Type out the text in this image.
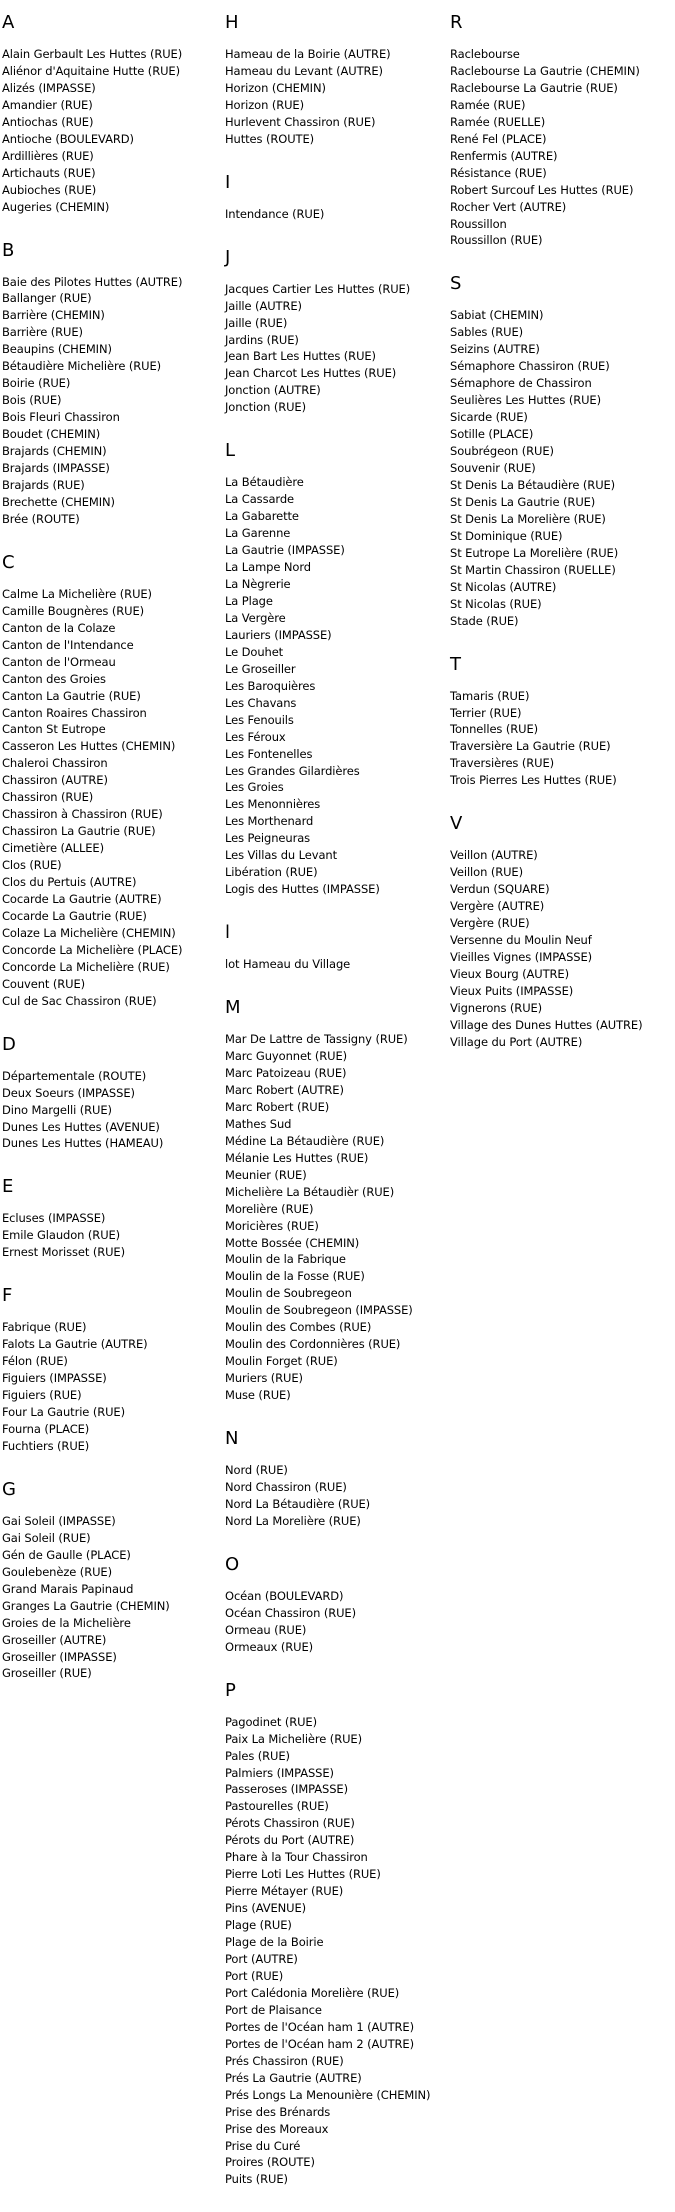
A
Alain Gerbault Les Huttes (RUE)
Aliénor d'Aquitaine Hutte (RUE)
Alizés (IMPASSE)
Amandier (RUE)
Antiochas (RUE)
Antioche (BOULEVARD)
Ardillières (RUE)
Artichauts (RUE)
Aubioches (RUE)
Augeries (CHEMIN)
B
Baie des Pilotes Huttes (AUTRE)
Ballanger (RUE)
Barrière (CHEMIN)
Barrière (RUE)
Beaupins (CHEMIN)
Bétaudière Michelière (RUE)
Boirie (RUE)
Bois (RUE)
Bois Fleuri Chassiron
Boudet (CHEMIN)
Brajards (CHEMIN)
Brajards (IMPASSE)
Brajards (RUE)
Brechette (CHEMIN)
Brée (ROUTE)
C
Calme La Michelière (RUE)
Camille Bougnères (RUE)
Canton de la Colaze
Canton de l'Intendance
Canton de l'Ormeau
Canton des Groies
Canton La Gautrie (RUE)
Canton Roaires Chassiron
Canton St Eutrope
Casseron Les Huttes (CHEMIN)
Chaleroi Chassiron
Chassiron (AUTRE)
Chassiron (RUE)
Chassiron à Chassiron (RUE)
Chassiron La Gautrie (RUE)
Cimetière (ALLEE)
Clos (RUE)
Clos du Pertuis (AUTRE)
Cocarde La Gautrie (AUTRE)
Cocarde La Gautrie (RUE)
Colaze La Michelière (CHEMIN)
Concorde La Michelière (PLACE)
Concorde La Michelière (RUE)
Couvent (RUE)
Cul de Sac Chassiron (RUE)
D
Départementale (ROUTE)
Deux Soeurs (IMPASSE)
Dino Margelli (RUE)
Dunes Les Huttes (AVENUE)
Dunes Les Huttes (HAMEAU)
E
Ecluses (IMPASSE)
Emile Glaudon (RUE)
Ernest Morisset (RUE)
F
Fabrique (RUE)
Falots La Gautrie (AUTRE)
Félon (RUE)
Figuiers (IMPASSE)
Figuiers (RUE)
Four La Gautrie (RUE)
Fourna (PLACE)
Fuchtiers (RUE)
G
Gai Soleil (IMPASSE)
Gai Soleil (RUE)
Gén de Gaulle (PLACE)
Goulebenèze (RUE)
Grand Marais Papinaud
Granges La Gautrie (CHEMIN)
Groies de la Michelière
Groseiller (AUTRE)
Groseiller (IMPASSE)
Groseiller (RUE)
H
Hameau de la Boirie (AUTRE)
Hameau du Levant (AUTRE)
Horizon (CHEMIN)
Horizon (RUE)
Hurlevent Chassiron (RUE)
Huttes (ROUTE)
I
Intendance (RUE)
J
Jacques Cartier Les Huttes (RUE)
Jaille (AUTRE)
Jaille (RUE)
Jardins (RUE)
Jean Bart Les Huttes (RUE)
Jean Charcot Les Huttes (RUE)
Jonction (AUTRE)
Jonction (RUE)
L
La Bétaudière
La Cassarde
La Gabarette
La Garenne
La Gautrie (IMPASSE)
La Lampe Nord
La Nègrerie
La Plage
La Vergère
Lauriers (IMPASSE)
Le Douhet
Le Groseiller
Les Baroquières
Les Chavans
Les Fenouils
Les Féroux
Les Fontenelles
Les Grandes Gilardières
Les Groies
Les Menonnières
Les Morthenard
Les Peigneuras
Les Villas du Levant
Libération (RUE)
Logis des Huttes (IMPASSE)
l
lot Hameau du Village
M
Mar De Lattre de Tassigny (RUE)
Marc Guyonnet (RUE)
Marc Patoizeau (RUE)
Marc Robert (AUTRE)
Marc Robert (RUE)
Mathes Sud
Médine La Bétaudière (RUE)
Mélanie Les Huttes (RUE)
Meunier (RUE)
Michelière La Bétaudièr (RUE)
Morelière (RUE)
Moricières (RUE)
Motte Bossée (CHEMIN)
Moulin de la Fabrique
Moulin de la Fosse (RUE)
Moulin de Soubregeon
Moulin de Soubregeon (IMPASSE)
Moulin des Combes (RUE)
Moulin des Cordonnières (RUE)
Moulin Forget (RUE)
Muriers (RUE)
Muse (RUE)
N
Nord (RUE)
Nord Chassiron (RUE)
Nord La Bétaudière (RUE)
Nord La Morelière (RUE)
O
Océan (BOULEVARD)
Océan Chassiron (RUE)
Ormeau (RUE)
Ormeaux (RUE)
P
Pagodinet (RUE)
Paix La Michelière (RUE)
Pales (RUE)
Palmiers (IMPASSE)
Passeroses (IMPASSE)
Pastourelles (RUE)
Pérots Chassiron (RUE)
Pérots du Port (AUTRE)
Phare à la Tour Chassiron
Pierre Loti Les Huttes (RUE)
Pierre Métayer (RUE)
Pins (AVENUE)
Plage (RUE)
Plage de la Boirie
Port (AUTRE)
Port (RUE)
Port Calédonia Morelière (RUE)
Port de Plaisance
Portes de l'Océan ham 1 (AUTRE)
Portes de l'Océan ham 2 (AUTRE)
Prés Chassiron (RUE)
Prés La Gautrie (AUTRE)
Prés Longs La Menounière (CHEMIN)
Prise des Brénards
Prise des Moreaux
Prise du Curé
Proires (ROUTE)
Puits (RUE)
R
Raclebourse
Raclebourse La Gautrie (CHEMIN)
Raclebourse La Gautrie (RUE)
Ramée (RUE)
Ramée (RUELLE)
René Fel (PLACE)
Renfermis (AUTRE)
Résistance (RUE)
Robert Surcouf Les Huttes (RUE)
Rocher Vert (AUTRE)
Roussillon
Roussillon (RUE)
S
Sabiat (CHEMIN)
Sables (RUE)
Seizins (AUTRE)
Sémaphore Chassiron (RUE)
Sémaphore de Chassiron
Seulières Les Huttes (RUE)
Sicarde (RUE)
Sotille (PLACE)
Soubrégeon (RUE)
Souvenir (RUE)
St Denis La Bétaudière (RUE)
St Denis La Gautrie (RUE)
St Denis La Morelière (RUE)
St Dominique (RUE)
St Eutrope La Morelière (RUE)
St Martin Chassiron (RUELLE)
St Nicolas (AUTRE)
St Nicolas (RUE)
Stade (RUE)
T
Tamaris (RUE)
Terrier (RUE)
Tonnelles (RUE)
Traversière La Gautrie (RUE)
Traversières (RUE)
Trois Pierres Les Huttes (RUE)
V
Veillon (AUTRE)
Veillon (RUE)
Verdun (SQUARE)
Vergère (AUTRE)
Vergère (RUE)
Versenne du Moulin Neuf
Vieilles Vignes (IMPASSE)
Vieux Bourg (AUTRE)
Vieux Puits (IMPASSE)
Vignerons (RUE)
Village des Dunes Huttes (AUTRE)
Village du Port (AUTRE)
